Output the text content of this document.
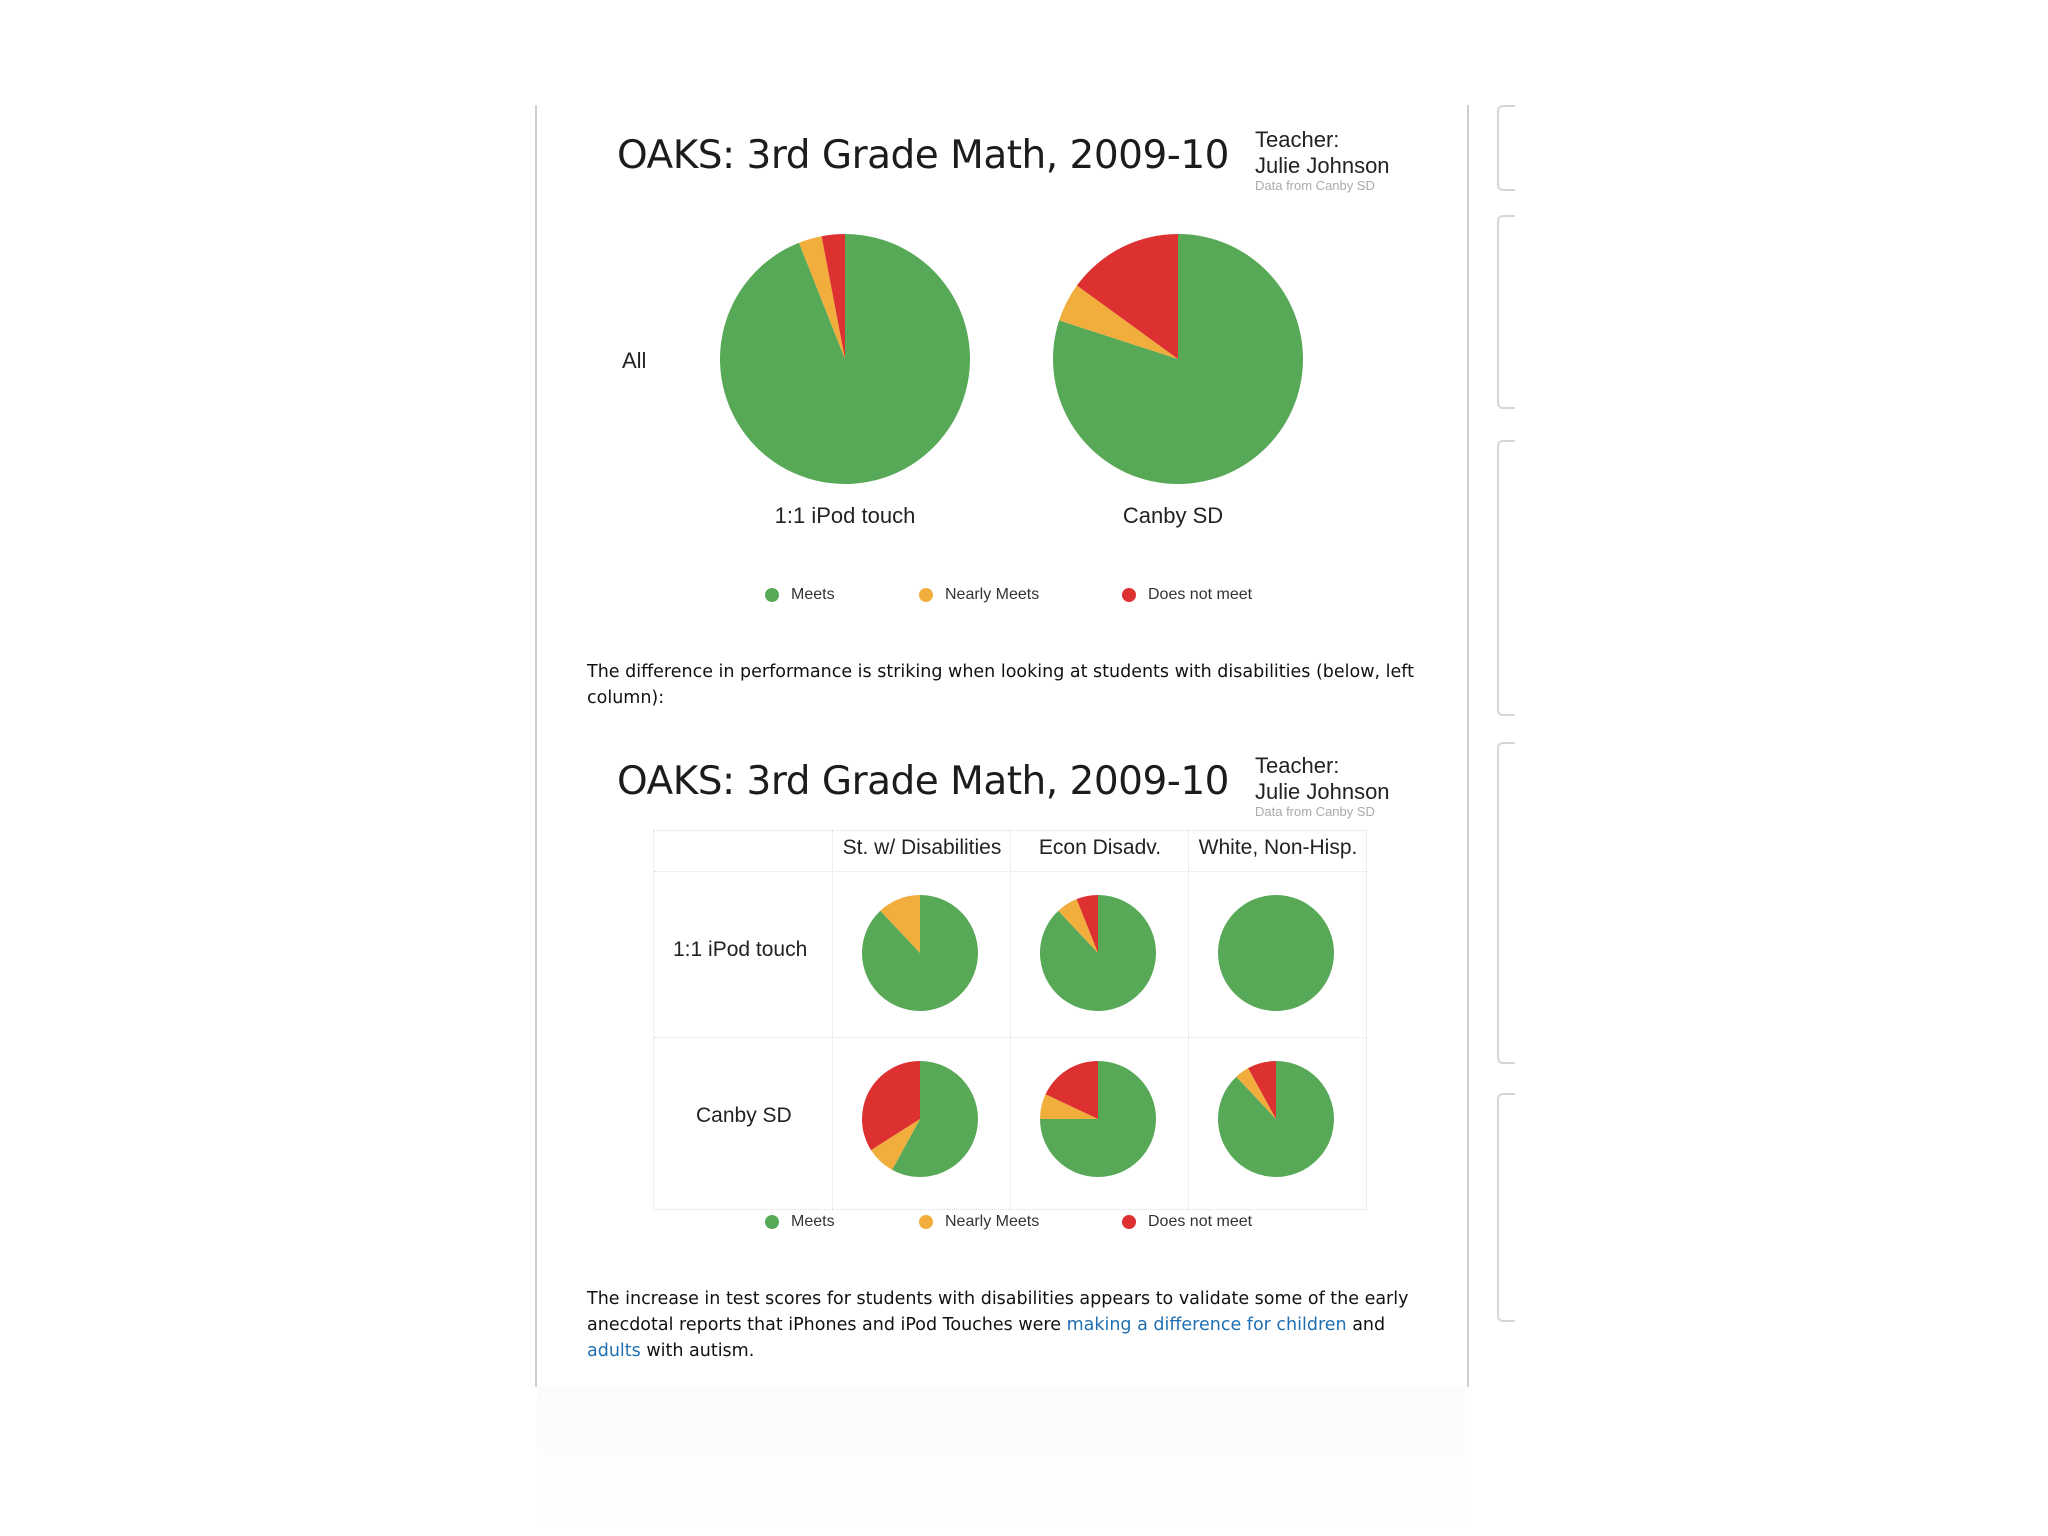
OAKS: 3rd Grade Math, 2009-10 Teacher:
Julie Johnson
Data from Canby SD
All
1:1 iPod touch	Canby SD
Meets	Nearly Meets	Does not meet
The difference in performance is striking when looking at students with disabilities (below, left column):
OAKS: 3rd Grade Math, 2009-10 Teacher:
Julie Johnson
Data from Canby SD
St. w/ Disabilities	Econ Disadv.	White, Non-Hisp.
1:1 iPod touch
Canby SD
Meets	Nearly Meets	Does not meet
The increase in test scores for students with disabilities appears to validate some of the early anecdotal reports that iPhones and iPod Touches were making a difference for children and adults with autism.
